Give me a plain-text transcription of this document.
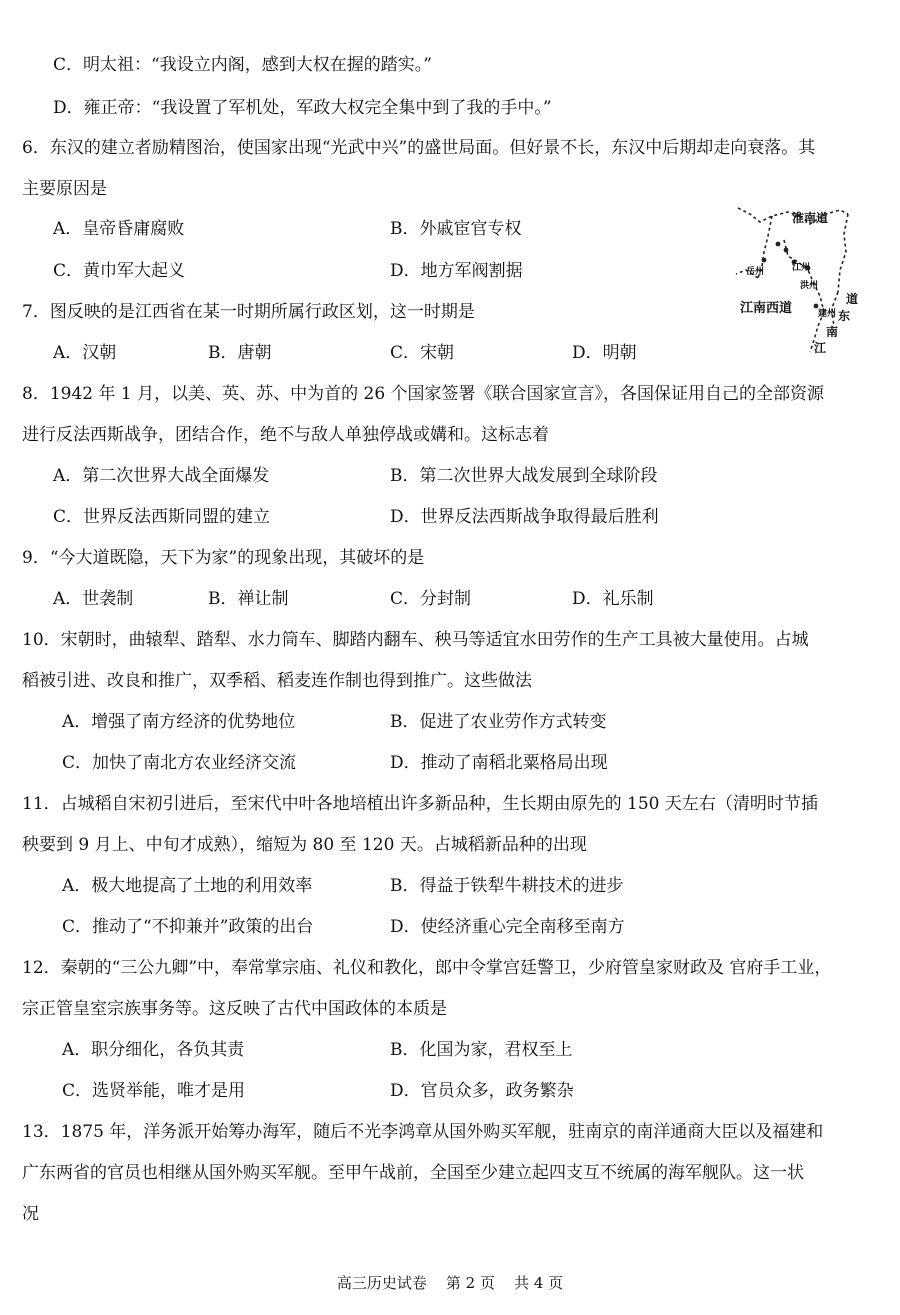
C．明太祖：“我设立内阁，感到大权在握的踏实。”
D．雍正帝：“我设置了军机处，军政大权完全集中到了我的手中。”
6．东汉的建立者励精图治，使国家出现“光武中兴”的盛世局面。但好景不长，东汉中后期却走向衰落。其
主要原因是
A．皇帝昏庸腐败	B．外戚宦官专权
C．黄巾军大起义	D．地方军阀割据
7．图反映的是江西省在某一时期所属行政区划，这一时期是
A．汉朝	B．唐朝	C．宋朝	D．明朝
淮南道
岳州	江州
洪州
江南西道
道
建州 东
南
江
8．1942 年 1 月，以美、英、苏、中为首的 26 个国家签署《联合国家宣言》，各国保证用自己的全部资源
进行反法西斯战争，团结合作，绝不与敌人单独停战或媾和。这标志着
A．第二次世界大战全面爆发	B．第二次世界大战发展到全球阶段
C．世界反法西斯同盟的建立	D．世界反法西斯战争取得最后胜利
9．“今大道既隐，天下为家”的现象出现，其破坏的是
A．世袭制	B．禅让制	C．分封制	D．礼乐制
10．宋朝时，曲辕犁、踏犁、水力筒车、脚踏内翻车、秧马等适宜水田劳作的生产工具被大量使用。占城
稻被引进、改良和推广，双季稻、稻麦连作制也得到推广。这些做法
A．增强了南方经济的优势地位	B．促进了农业劳作方式转变
C．加快了南北方农业经济交流	D．推动了南稻北粟格局出现
11．占城稻自宋初引进后，至宋代中叶各地培植出许多新品种，生长期由原先的 150 天左右（清明时节插
秧要到 9 月上、中旬才成熟），缩短为 80 至 120 天。占城稻新品种的出现
A．极大地提高了土地的利用效率	B．得益于铁犁牛耕技术的进步
C．推动了“不抑兼并”政策的出台	D．使经济重心完全南移至南方
12．秦朝的“三公九卿”中，奉常掌宗庙、礼仪和教化，郎中令掌宫廷警卫，少府管皇家财政及 官府手工业，
宗正管皇室宗族事务等。这反映了古代中国政体的本质是
A．职分细化，各负其责	B．化国为家，君权至上
C．选贤举能，唯才是用	D．官员众多，政务繁杂
13．1875 年，洋务派开始筹办海军，随后不光李鸿章从国外购买军舰，驻南京的南洋通商大臣以及福建和
广东两省的官员也相继从国外购买军舰。至甲午战前，全国至少建立起四支互不统属的海军舰队。这一状
况
高三历史试卷    第 2 页    共 4 页
